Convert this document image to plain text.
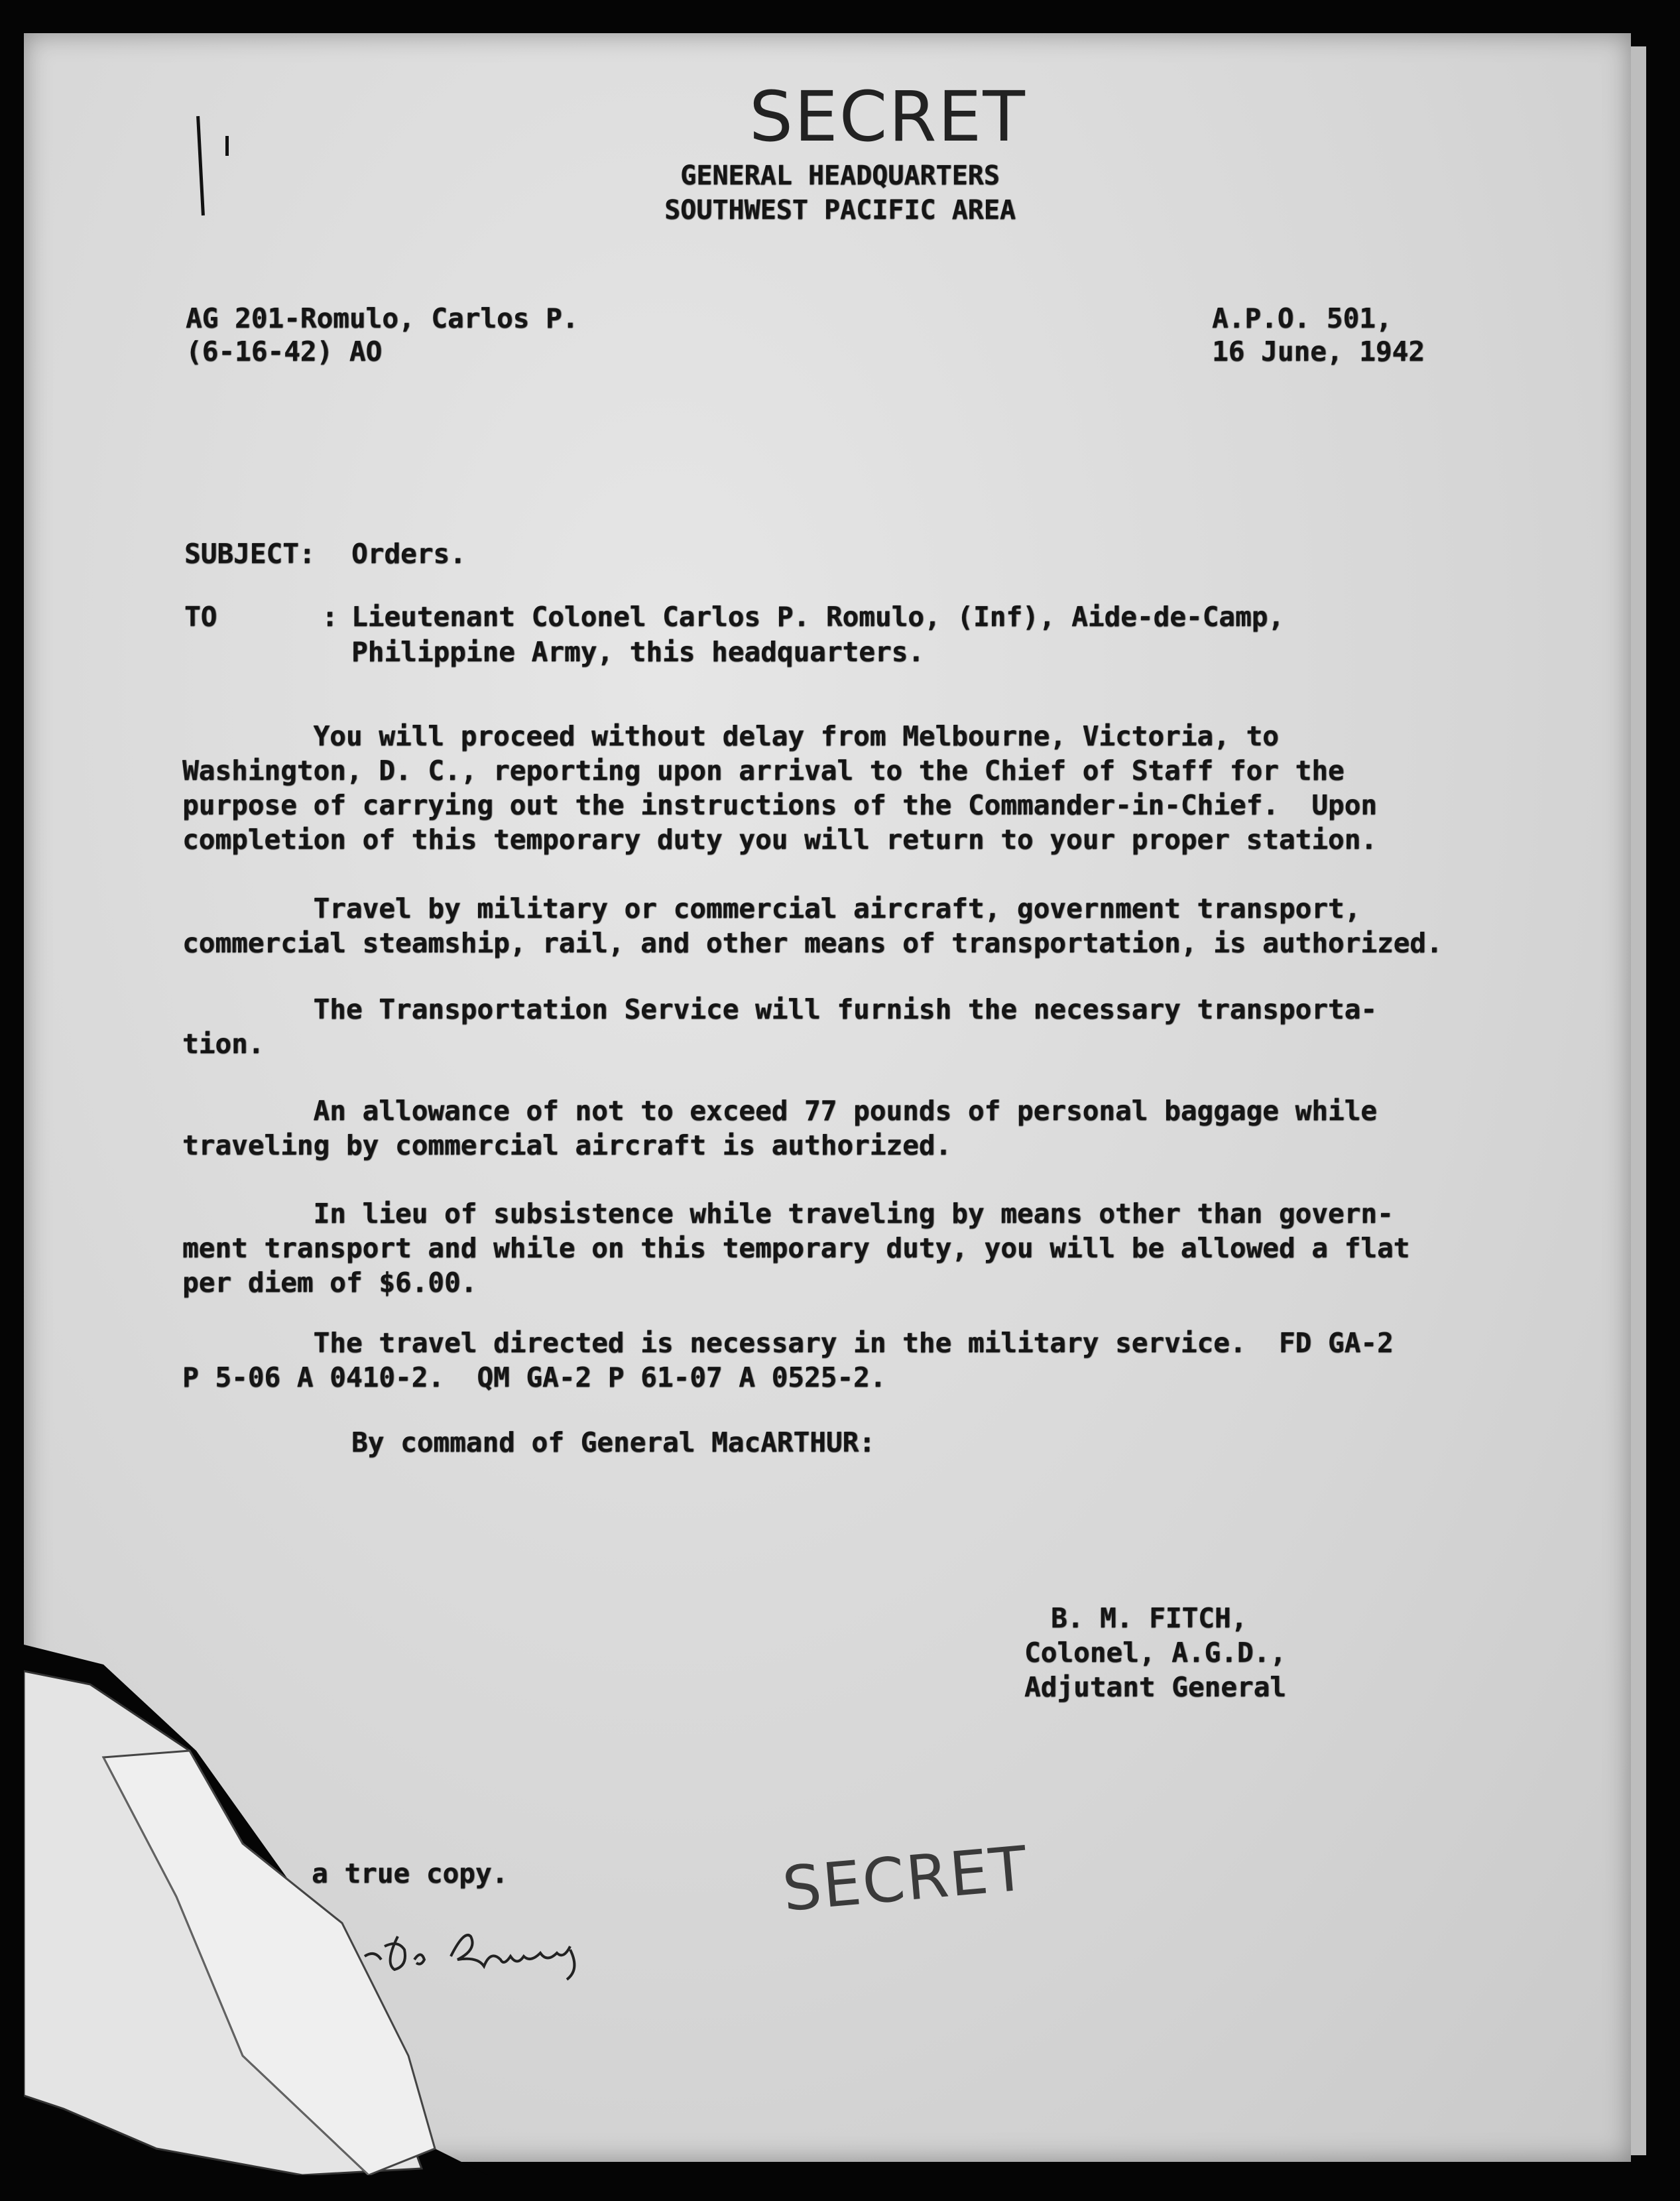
SECRET
GENERAL HEADQUARTERS
SOUTHWEST PACIFIC AREA
AG 201-Romulo, Carlos P.
(6-16-42) AO
A.P.O. 501,
16 June, 1942
SUBJECT: Orders.
TO	: Lieutenant Colonel Carlos P. Romulo, (Inf), Aide-de-Camp,
Philippine Army, this headquarters.
You will proceed without delay from Melbourne, Victoria, to
Washington, D. C., reporting upon arrival to the Chief of Staff for the
purpose of carrying out the instructions of the Commander-in-Chief.  Upon
completion of this temporary duty you will return to your proper station.
Travel by military or commercial aircraft, government transport,
commercial steamship, rail, and other means of transportation, is authorized.
The Transportation Service will furnish the necessary transporta-
tion.
An allowance of not to exceed 77 pounds of personal baggage while
traveling by commercial aircraft is authorized.
In lieu of subsistence while traveling by means other than govern-
ment transport and while on this temporary duty, you will be allowed a flat
per diem of $6.00.
The travel directed is necessary in the military service.  FD GA-2
P 5-06 A 0410-2.  QM GA-2 P 61-07 A 0525-2.
By command of General MacARTHUR:
B. M. FITCH,
Colonel, A.G.D.,
Adjutant General
SECRET
a true copy.
